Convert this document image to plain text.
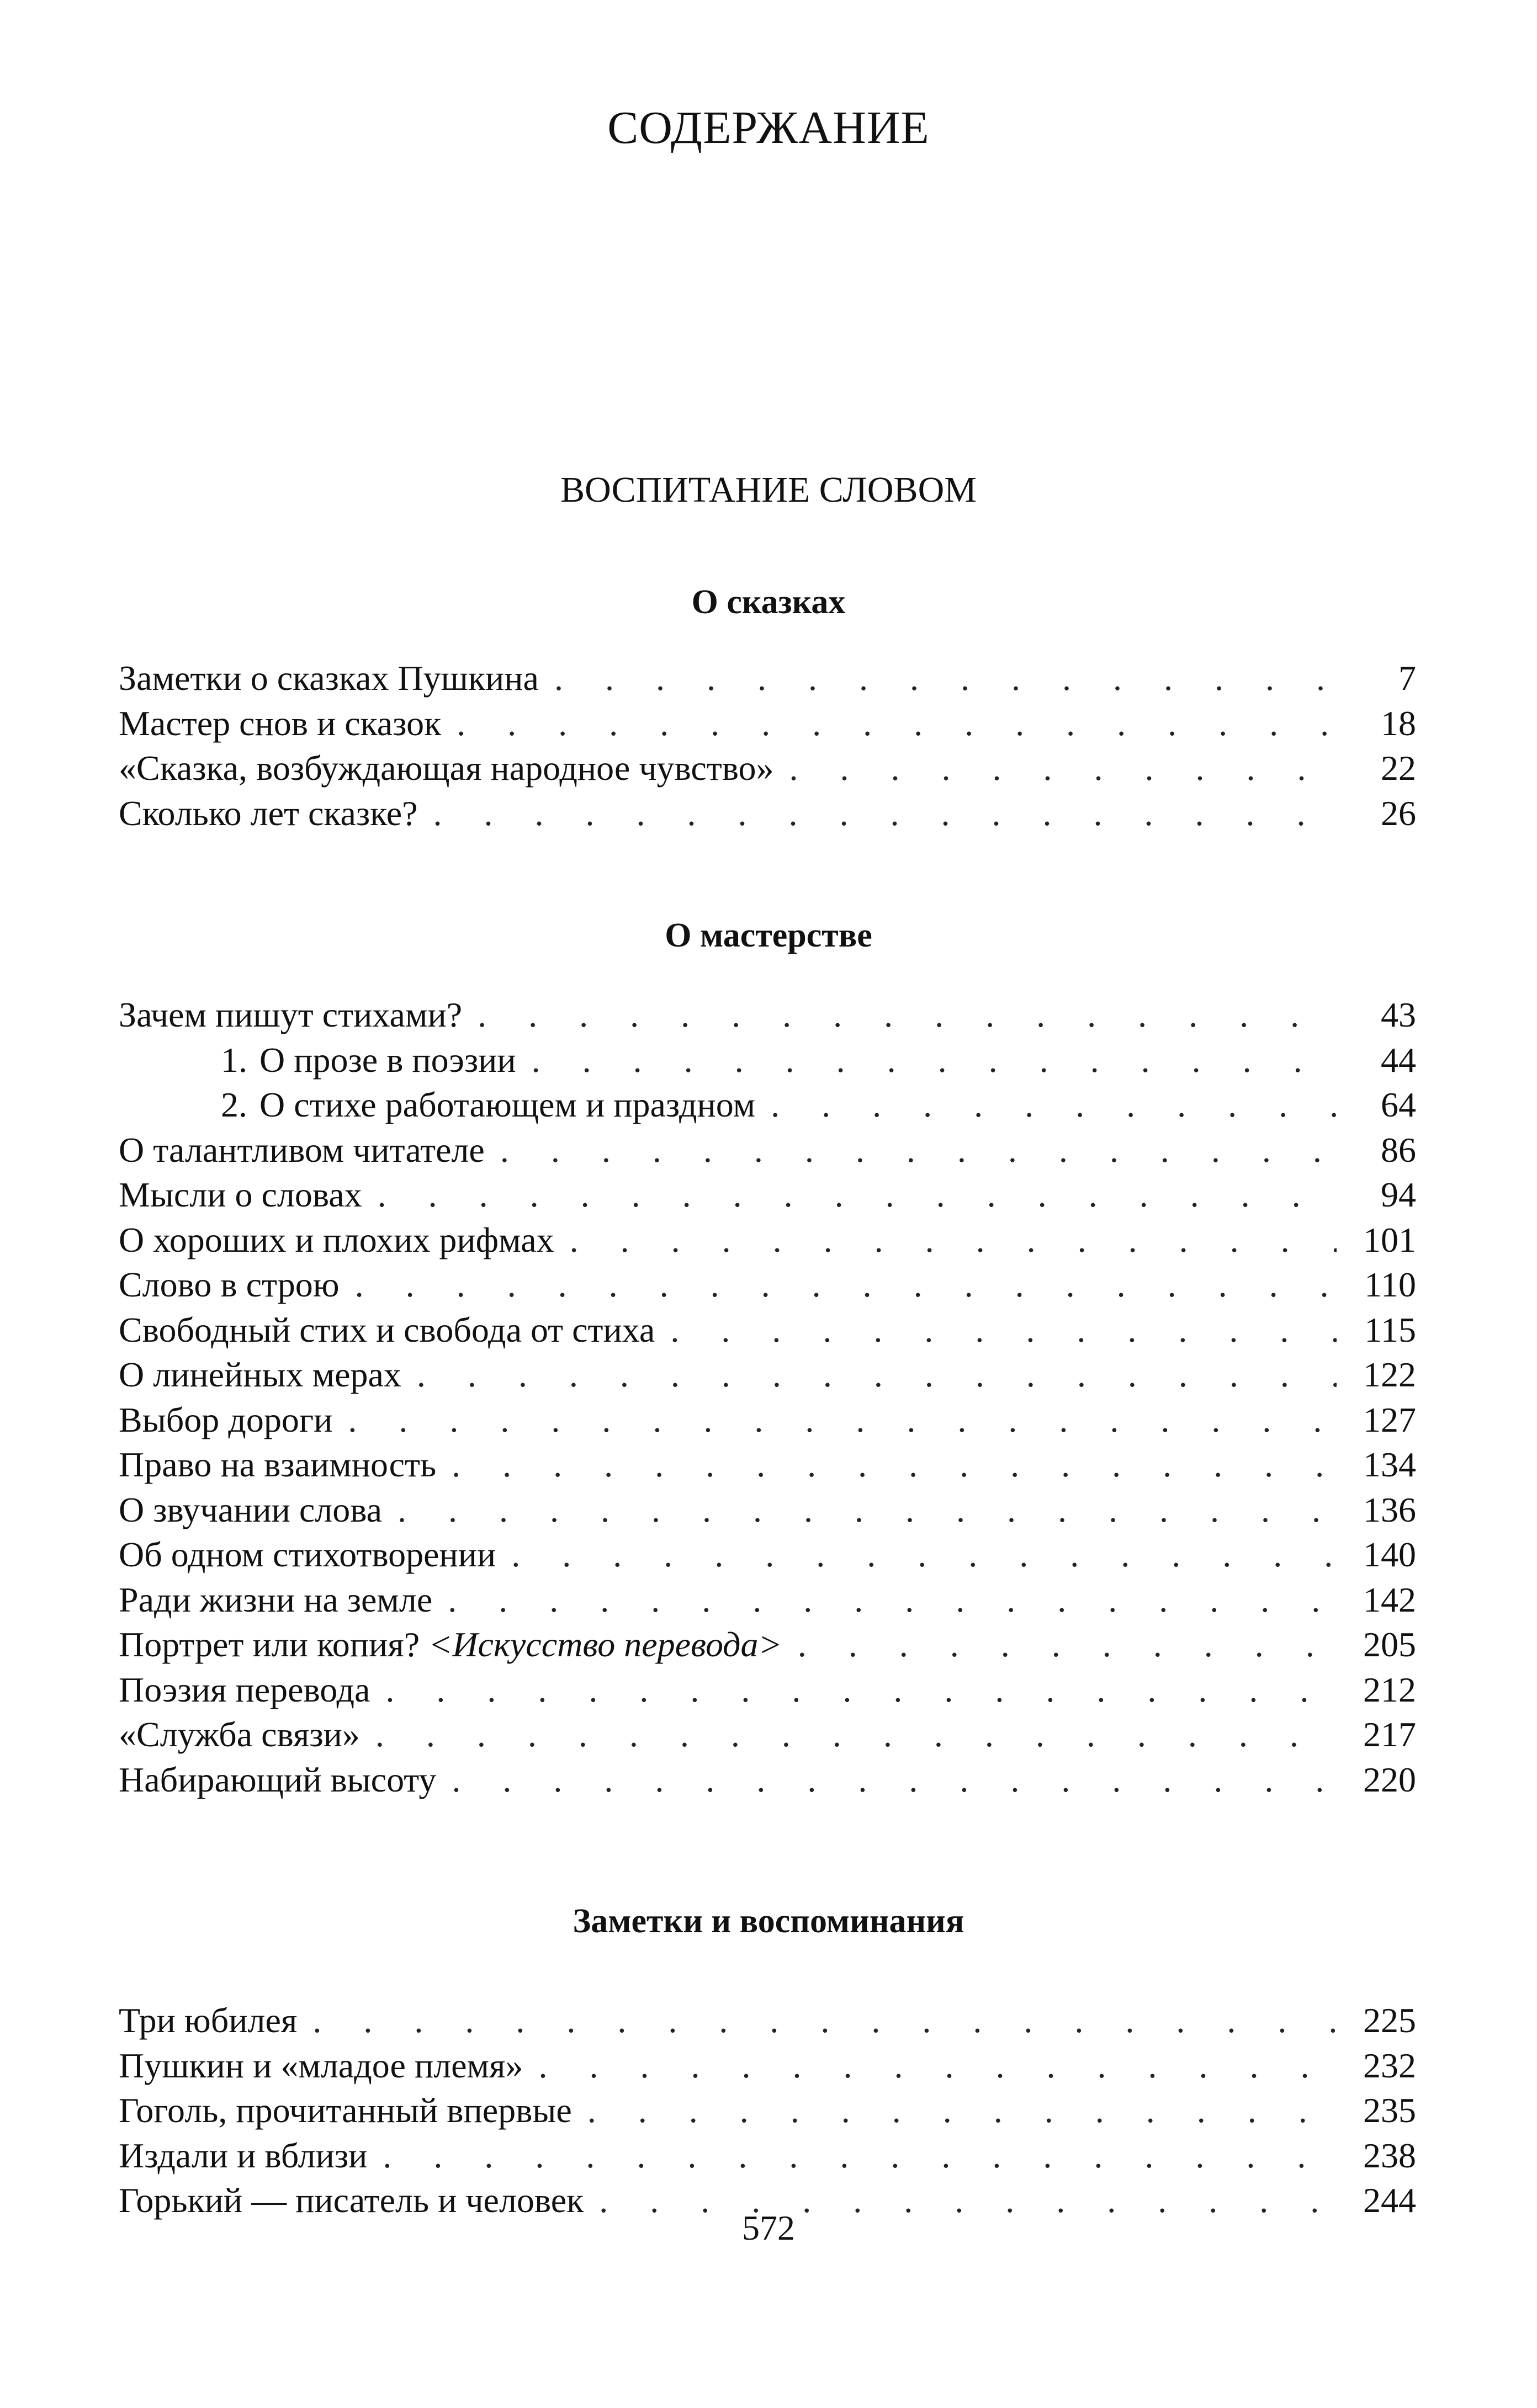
СОДЕРЖАНИЕ
ВОСПИТАНИЕ СЛОВОМ
О сказках
Заметки о сказках Пушкина . . .	7
Мастер снов и сказок . . .	18
«Сказка, возбуждающая народное чувство» . . .	22
Сколько лет сказке? . . .	26
О мастерстве
Зачем пишут стихами? . . .	43
1. О прозе в поэзии . . .	44
2. О стихе работающем и праздном . . .	64
О талантливом читателе . . .	86
Мысли о словах . . .	94
О хороших и плохих рифмах . . .	101
Слово в строю . . .	110
Свободный стих и свобода от стиха . . .	115
О линейных мерах . . .	122
Выбор дороги . . .	127
Право на взаимность . . .	134
О звучании слова . . .	136
Об одном стихотворении . . .	140
Ради жизни на земле . . .	142
Портрет или копия? <Искусство перевода> . . .	205
Поэзия перевода . . .	212
«Служба связи» . . .	217
Набирающий высоту . . .	220
Заметки и воспоминания
Три юбилея . . .	225
Пушкин и «младое племя» . . .	232
Гоголь, прочитанный впервые . . .	235
Издали и вблизи . . .	238
Горький — писатель и человек . . .	244
572
